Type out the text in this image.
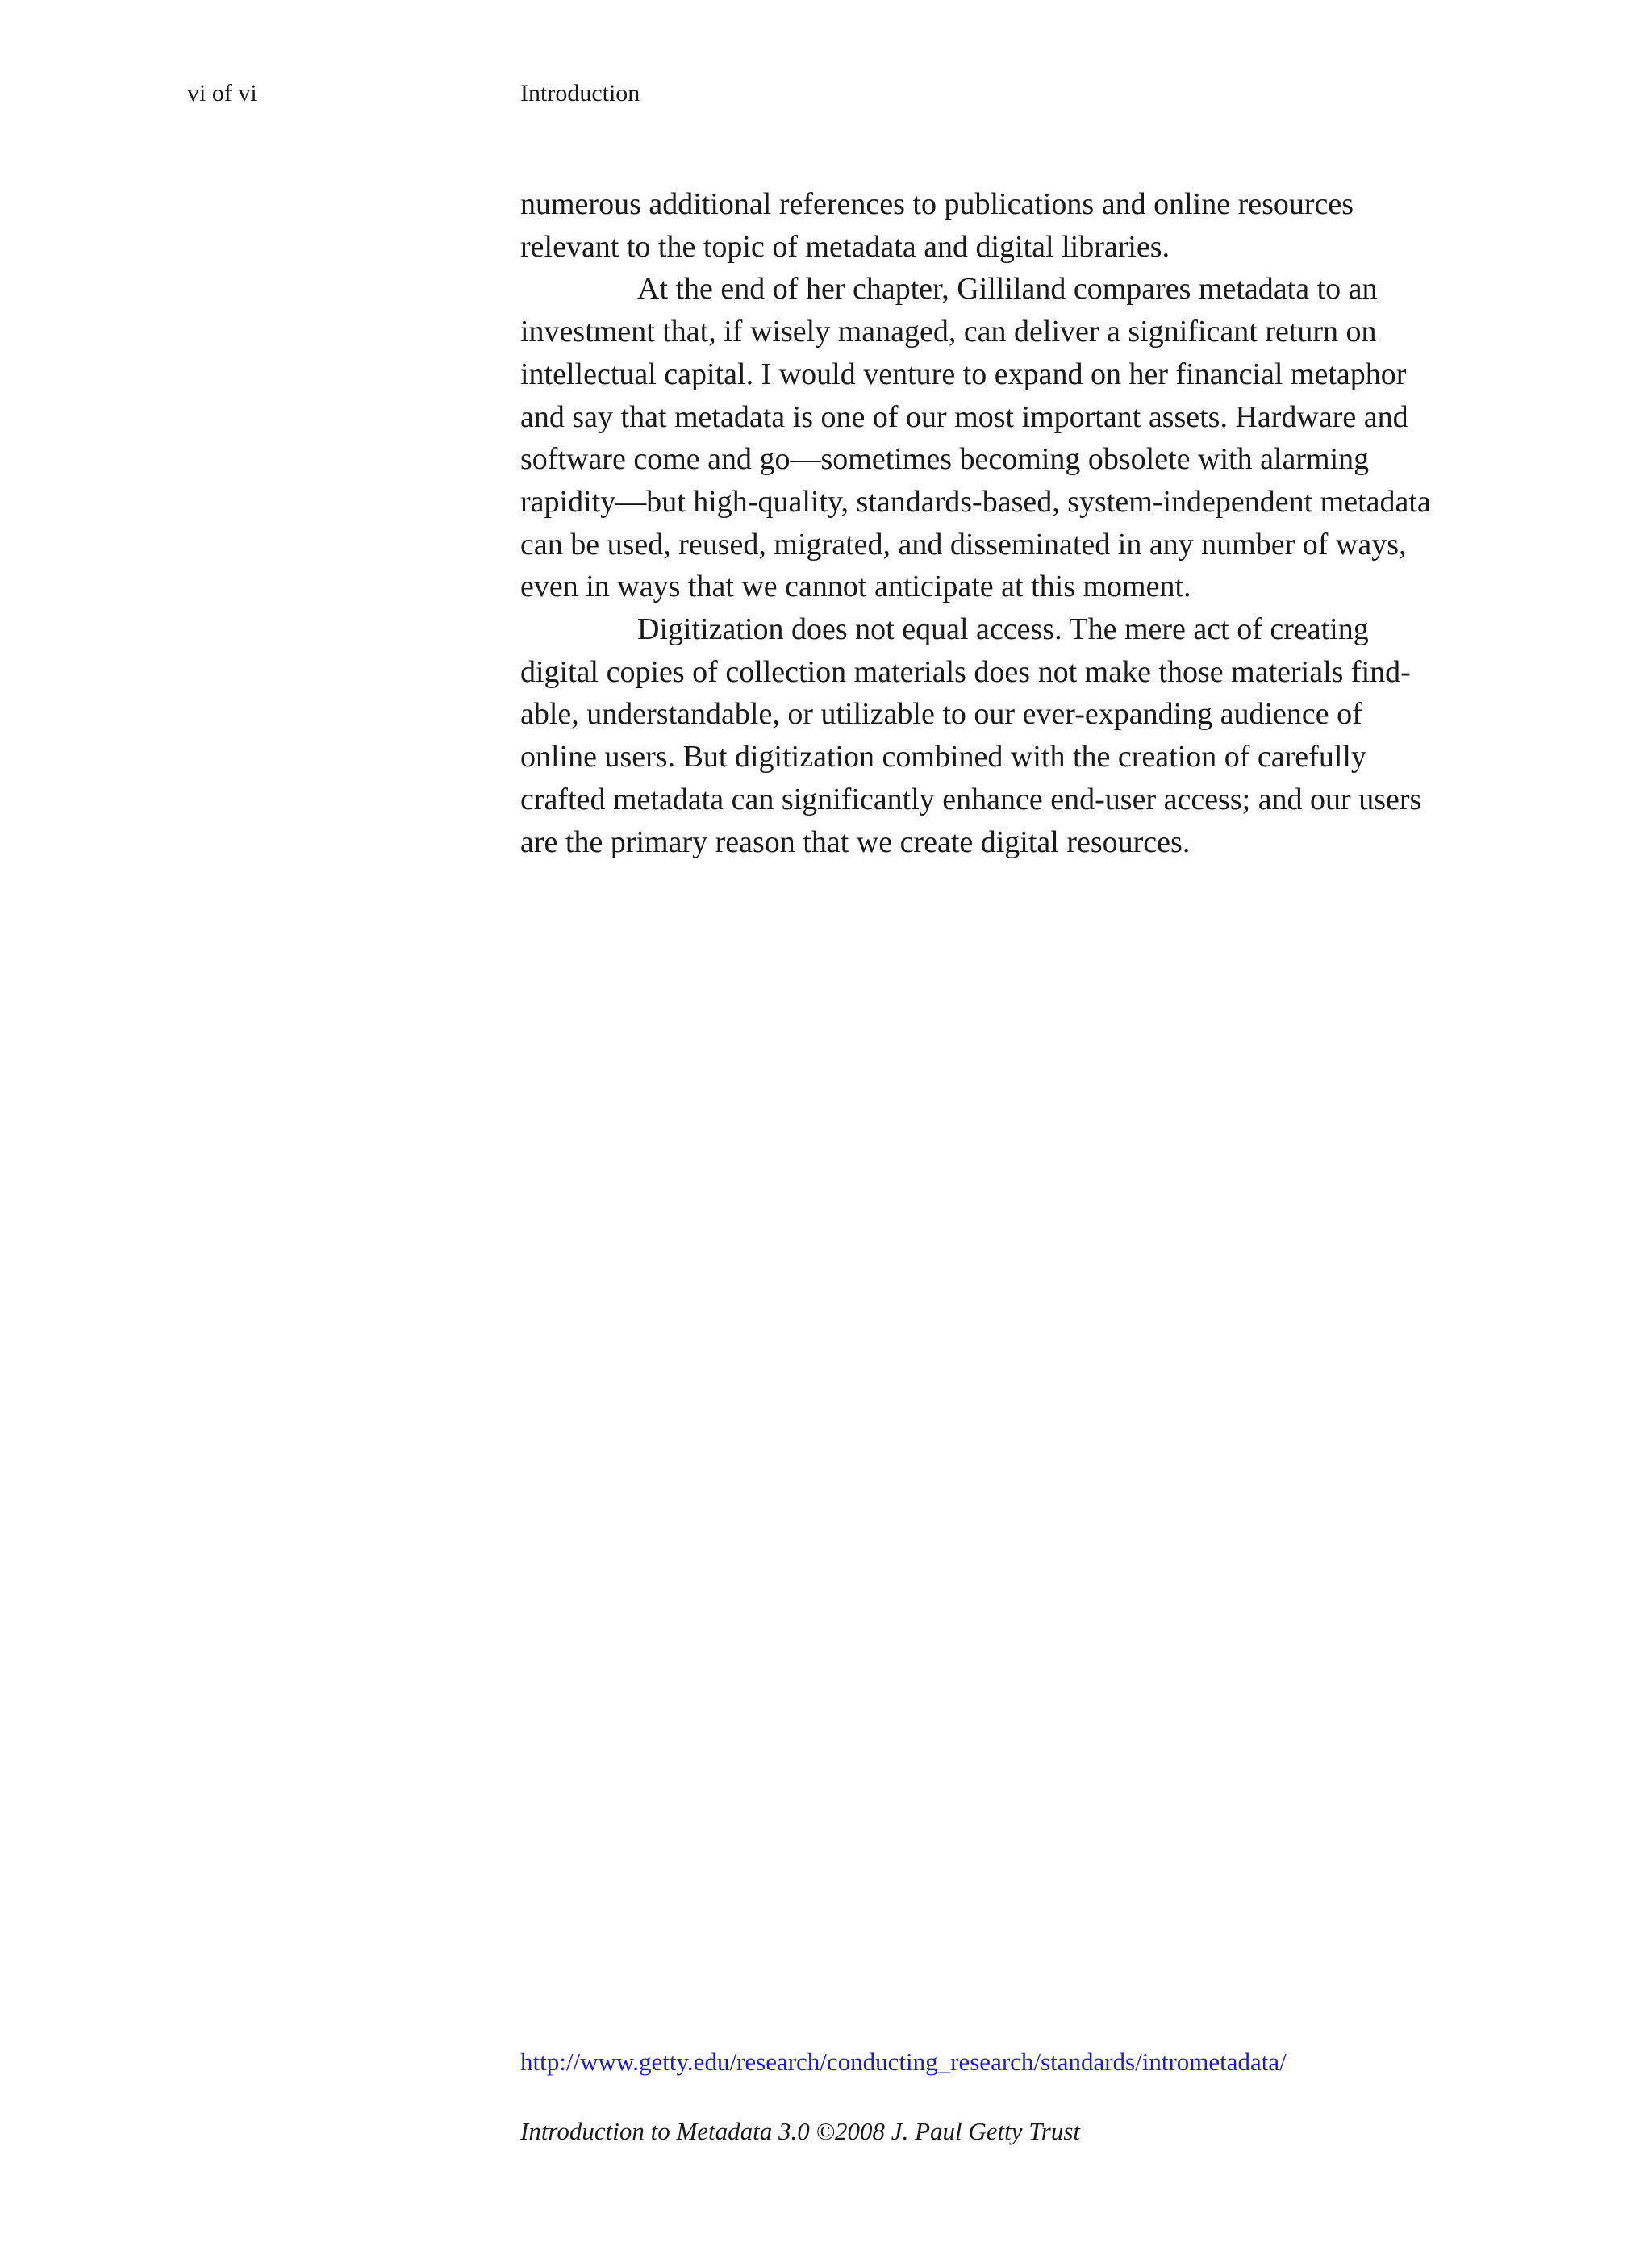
vi of vi	Introduction

numerous additional references to publications and online resources
relevant to the topic of metadata and digital libraries.
At the end of her chapter, Gilliland compares metadata to an
investment that, if wisely managed, can deliver a significant return on
intellectual capital. I would venture to expand on her financial metaphor
and say that metadata is one of our most important assets. Hardware and
software come and go—sometimes becoming obsolete with alarming
rapidity—but high-quality, standards-based, system-independent metadata
can be used, reused, migrated, and disseminated in any number of ways,
even in ways that we cannot anticipate at this moment.
Digitization does not equal access. The mere act of creating
digital copies of collection materials does not make those materials find-
able, understandable, or utilizable to our ever-expanding audience of
online users. But digitization combined with the creation of carefully
crafted metadata can significantly enhance end-user access; and our users
are the primary reason that we create digital resources.
http://www.getty.edu/research/conducting_research/standards/intrometadata/

Introduction to Metadata 3.0 ©2008 J. Paul Getty Trust
